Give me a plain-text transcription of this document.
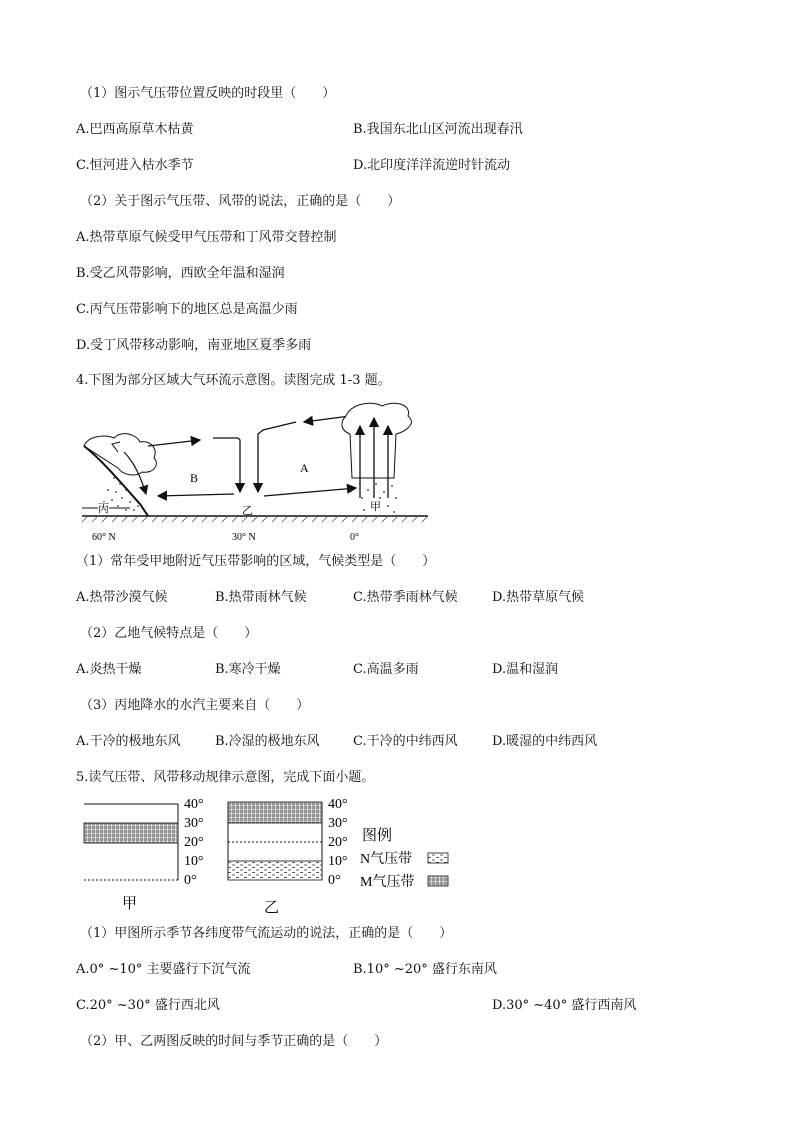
（1）图示气压带位置反映的时段里（　　）
A.巴西高原草木枯黄	B.我国东北山区河流出现春汛
C.恒河进入枯水季节	D.北印度洋洋流逆时针流动
（2）关于图示气压带、风带的说法，正确的是（　　）
A.热带草原气候受甲气压带和丁风带交替控制
B.受乙风带影响，西欧全年温和湿润
C.丙气压带影响下的地区总是高温少雨
D.受丁风带移动影响，南亚地区夏季多雨
4.下图为部分区域大气环流示意图。读图完成 1-3 题。
B
A
丙	乙	甲
60° N	30° N	0°
（1）常年受甲地附近气压带影响的区域，气候类型是（　　）
A.热带沙漠气候	B.热带雨林气候	C.热带季雨林气候	D.热带草原气候
（2）乙地气候特点是（　　）
A.炎热干燥	B.寒冷干燥	C.高温多雨	D.温和湿润
（3）丙地降水的水汽主要来自（　　）
A.干冷的极地东风	B.冷湿的极地东风	C.干冷的中纬西风	D.暖湿的中纬西风
5.读气压带、风带移动规律示意图，完成下面小题。
40°
30°
20°
10°
0°
甲
40°
30°
20°
10°
0°
乙
图例
N气压带
M气压带
（1）甲图所示季节各纬度带气流运动的说法，正确的是（　　）
A.0° ~10° 主要盛行下沉气流	B.10° ~20° 盛行东南风
C.20° ~30° 盛行西北风	D.30° ~40° 盛行西南风
（2）甲、乙两图反映的时间与季节正确的是（　　）
